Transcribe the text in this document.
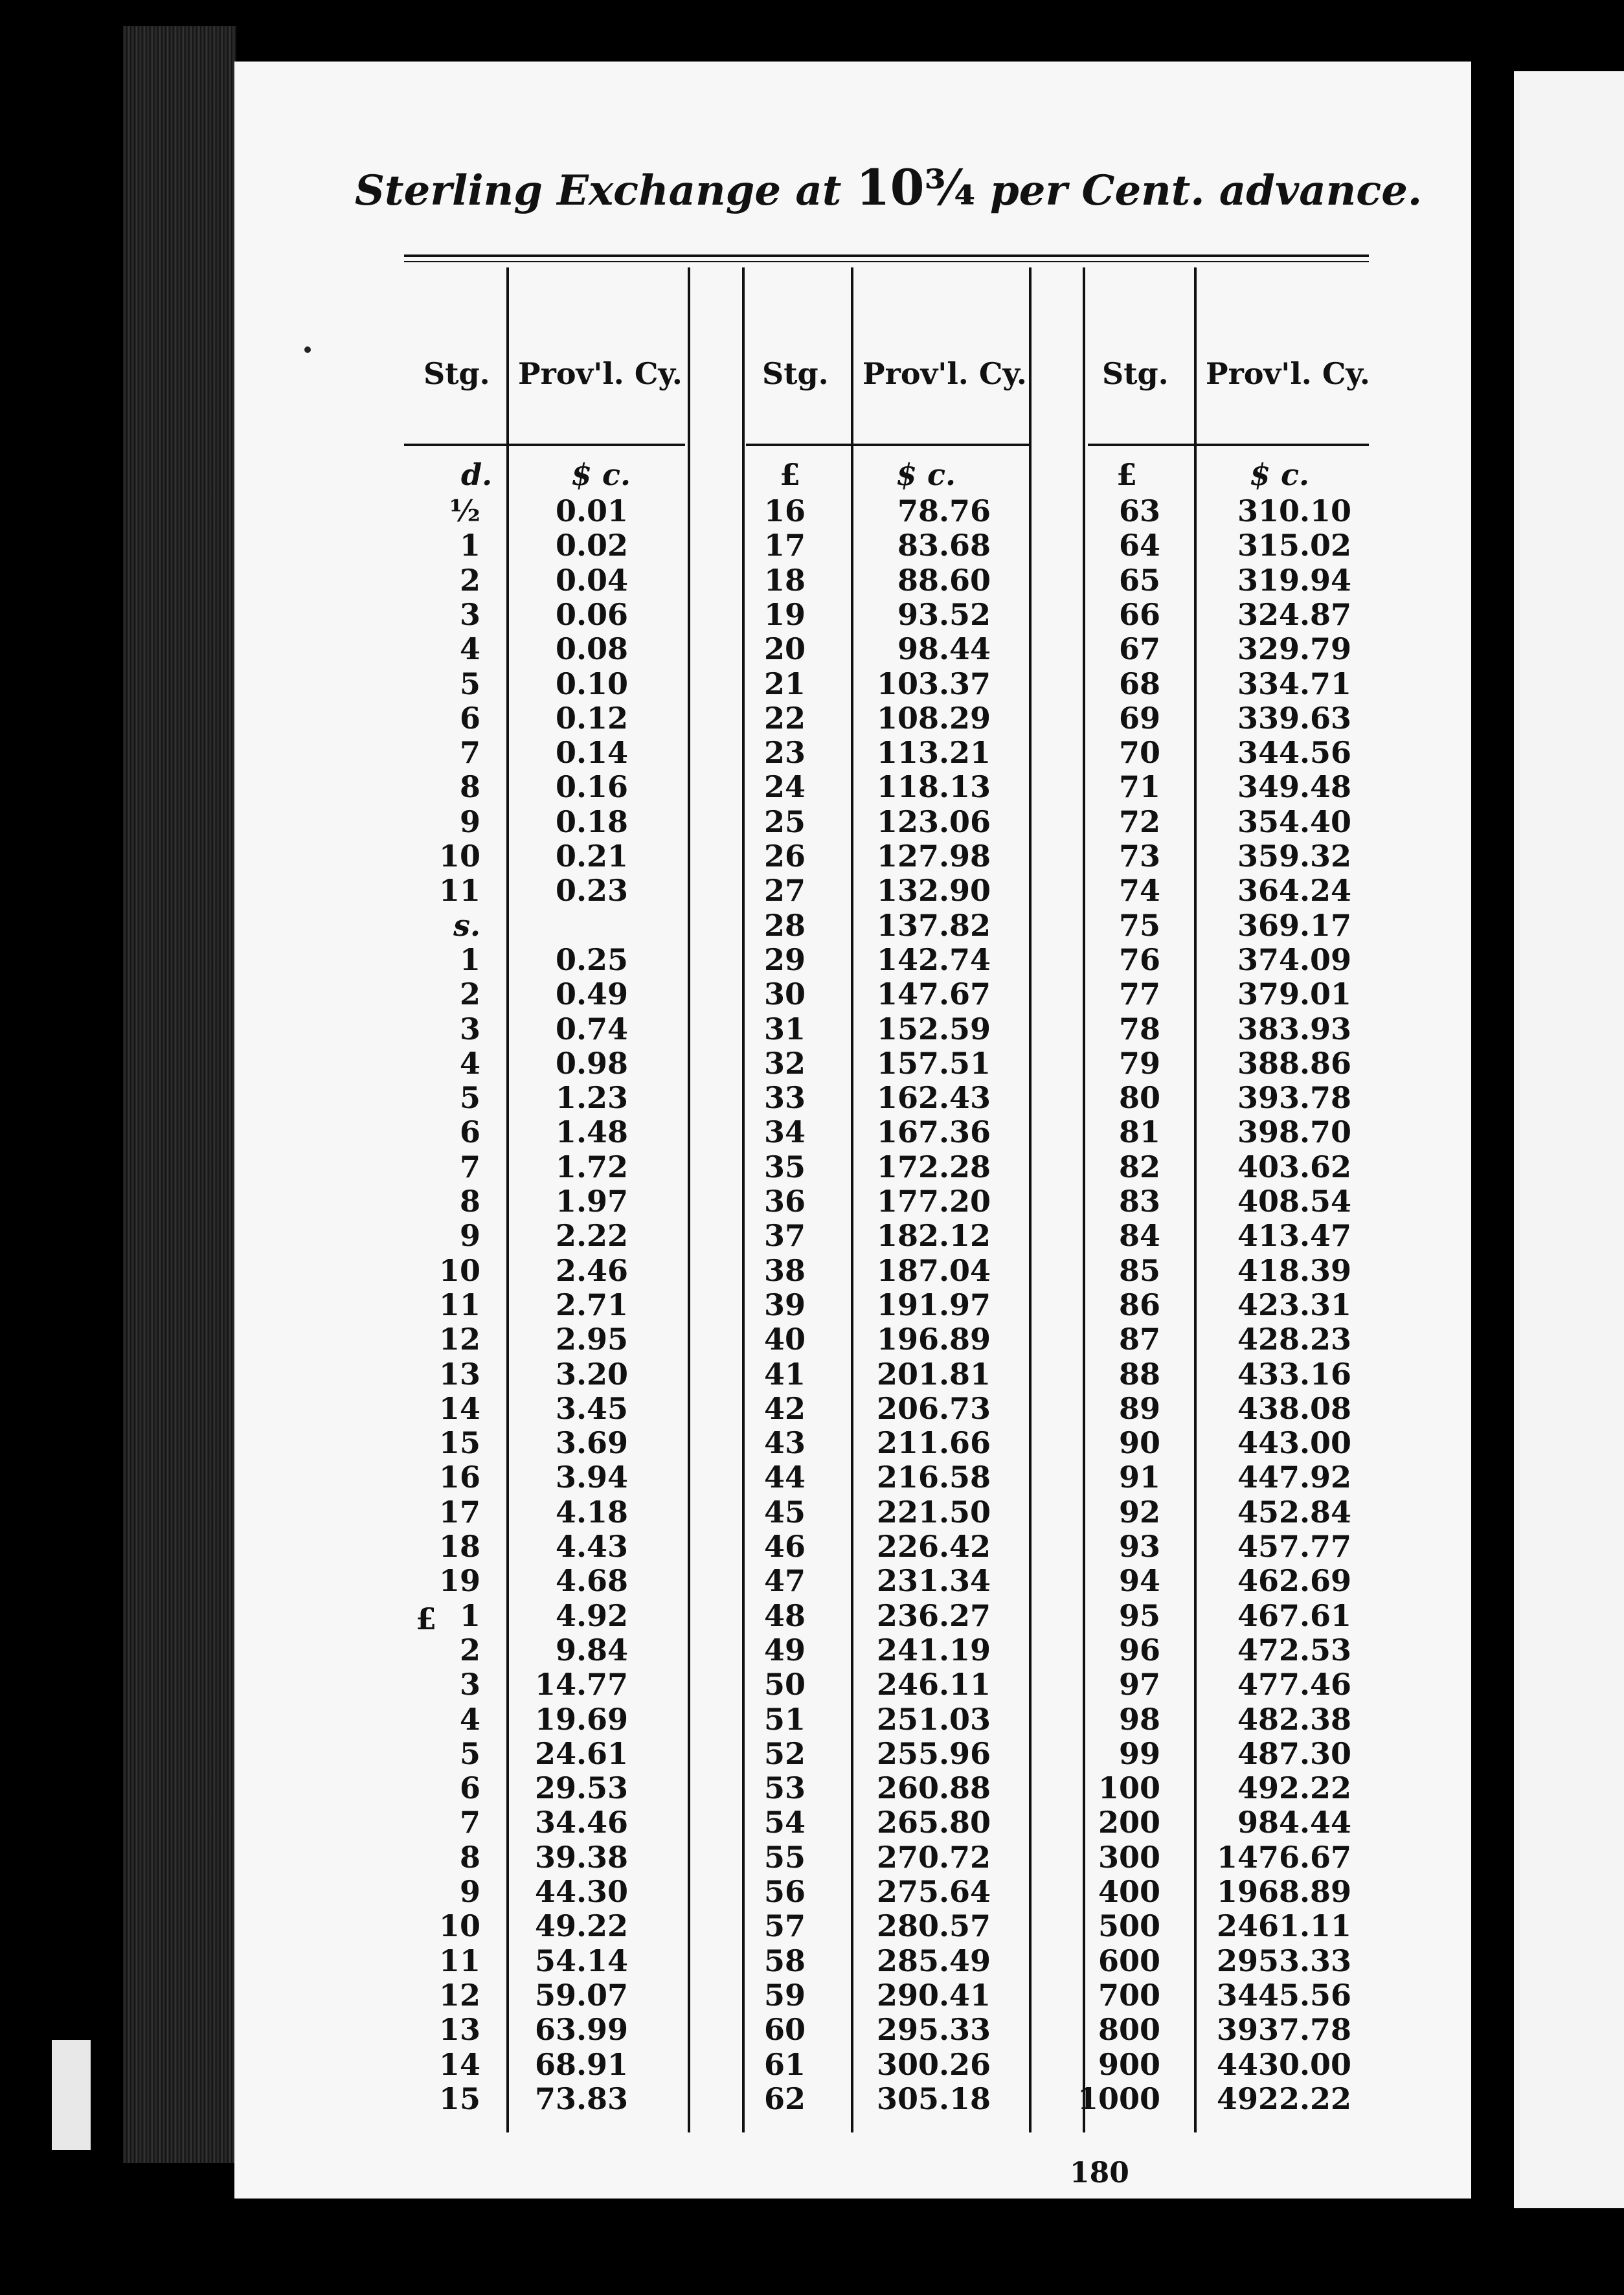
Sterling Exchange at 10¾ per Cent. advance.
Stg. Prov'l. Cy.	Stg. Prov'l. Cy.	Stg. Prov'l. Cy.
d.	$ c.	£	$ c.	£	$ c.
£
½	0.01
1	0.02
2	0.04
3	0.06
4	0.08
5	0.10
6	0.12
7	0.14
8	0.16
9	0.18
10	0.21
11	0.23
s.
1	0.25
2	0.49
3	0.74
4	0.98
5	1.23
6	1.48
7	1.72
8	1.97
9	2.22
10	2.46
11	2.71
12	2.95
13	3.20
14	3.45
15	3.69
16	3.94
17	4.18
18	4.43
19	4.68
1	4.92
2	9.84
3 14.77
4 19.69
5 24.61
6 29.53
7 34.46
8 39.38
9 44.30
10 49.22
11 54.14
12 59.07
13 63.99
14 68.91
15 73.83
16	78.76
17	83.68
18	88.60
19	93.52
20	98.44
21 103.37
22 108.29
23 113.21
24 118.13
25 123.06
26 127.98
27 132.90
28 137.82
29 142.74
30 147.67
31 152.59
32 157.51
33 162.43
34 167.36
35 172.28
36 177.20
37 182.12
38 187.04
39 191.97
40 196.89
41 201.81
42 206.73
43 211.66
44 216.58
45 221.50
46 226.42
47 231.34
48 236.27
49 241.19
50 246.11
51 251.03
52 255.96
53 260.88
54 265.80
55 270.72
56 275.64
57 280.57
58 285.49
59 290.41
60 295.33
61 300.26
62 305.18
63	310.10
64	315.02
65	319.94
66	324.87
67	329.79
68	334.71
69	339.63
70	344.56
71	349.48
72	354.40
73	359.32
74	364.24
75	369.17
76	374.09
77	379.01
78	383.93
79	388.86
80	393.78
81	398.70
82	403.62
83	408.54
84	413.47
85	418.39
86	423.31
87	428.23
88	433.16
89	438.08
90	443.00
91	447.92
92	452.84
93	457.77
94	462.69
95	467.61
96	472.53
97	477.46
98	482.38
99	487.30
100	492.22
200	984.44
300 1476.67
400 1968.89
500 2461.11
600 2953.33
700 3445.56
800 3937.78
900 4430.00
1000 4922.22
180
